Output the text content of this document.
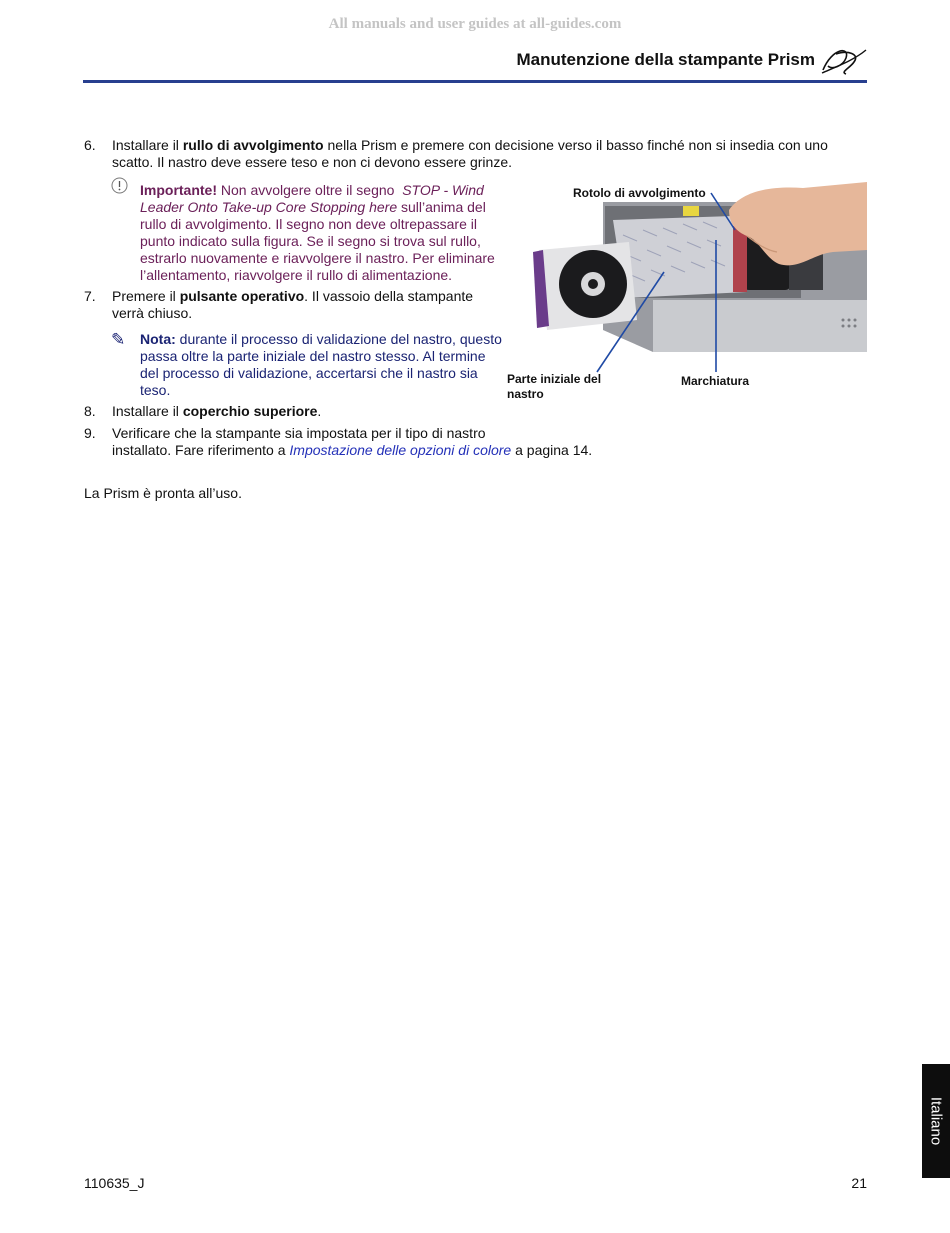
All manuals and user guides at all-guides.com
Manutenzione della stampante Prism
6. Installare il rullo di avvolgimento nella Prism e premere con decisione verso il basso finché non si insedia con uno
scatto. Il nastro deve essere teso e non ci devono essere grinze.
Importante! Non avvolgere oltre il segno  STOP - Wind
Leader Onto Take-up Core Stopping here sull’anima del
rullo di avvolgimento. Il segno non deve oltrepassare il
punto indicato sulla figura. Se il segno si trova sul rullo,
estrarlo nuovamente e riavvolgere il nastro. Per eliminare
l’allentamento, riavvolgere il rullo di alimentazione.
7. Premere il pulsante operativo. Il vassoio della stampante
verrà chiuso.
✎ Nota: durante il processo di validazione del nastro, questo
passa oltre la parte iniziale del nastro stesso. Al termine
del processo di validazione, accertarsi che il nastro sia
teso.
8. Installare il coperchio superiore.
9. Verificare che la stampante sia impostata per il tipo di nastro
installato. Fare riferimento a Impostazione delle opzioni di colore a pagina 14.
Rotolo di avvolgimento
Parte iniziale del
nastro
Marchiatura
La Prism è pronta all’uso.
Italiano
110635_J	21
